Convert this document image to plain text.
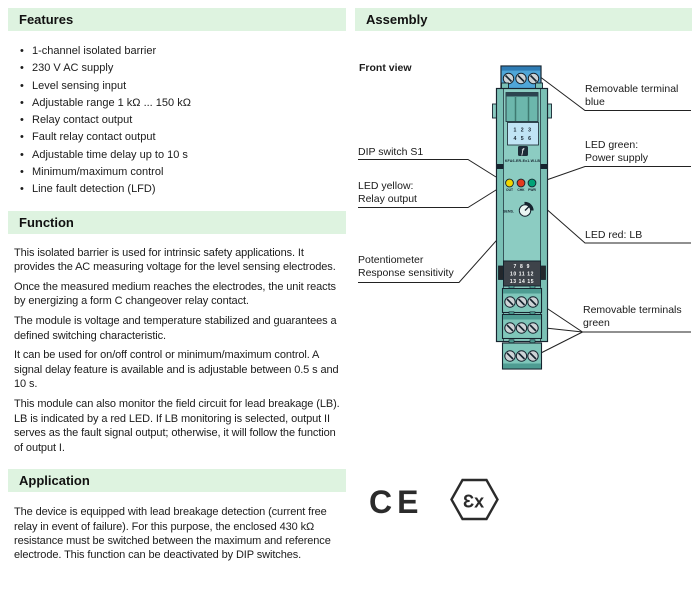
Features
• 1-channel isolated barrier
• 230 V AC supply
• Level sensing input
• Adjustable range 1 kΩ ... 150 kΩ
• Relay contact output
• Fault relay contact output
• Adjustable time delay up to 10 s
• Minimum/maximum control
• Line fault detection (LFD)
Function

This isolated barrier is used for intrinsic safety applications. It provides the AC measuring voltage for the level sensing electrodes.

Once the measured medium reaches the electrodes, the unit reacts by energizing a form C changeover relay contact.

The module is voltage and temperature stabilized and guarantees a defined switching characteristic.

It can be used for on/off control or minimum/maximum control. A signal delay feature is available and is adjustable between 0.5 s and 10 s.

This module can also monitor the field circuit for lead breakage (LB). LB is indicated by a red LED. If LB monitoring is selected, output II serves as the fault signal output; otherwise, it will follow the function of output I.

Application

The device is equipped with lead breakage detection (current free relay in event of failure). For this purpose, the enclosed 430 kΩ resistance must be switched between the maximum and reference electrode. This function can be deactivated by DIP switches.

Assembly
1 2 3
4 5 6
ƒ
KFA6-ER-Ex1.W.LB
OUT CHK PWR
SENS.
7 8 9
10 11 12
13 14 15
CE Ɛx
Front view
DIP switch S1
LED yellow:
Relay output
Potentiometer
Response sensitivity
Removable terminal
blue
LED green:
Power supply
LED red: LB
Removable terminals
green
